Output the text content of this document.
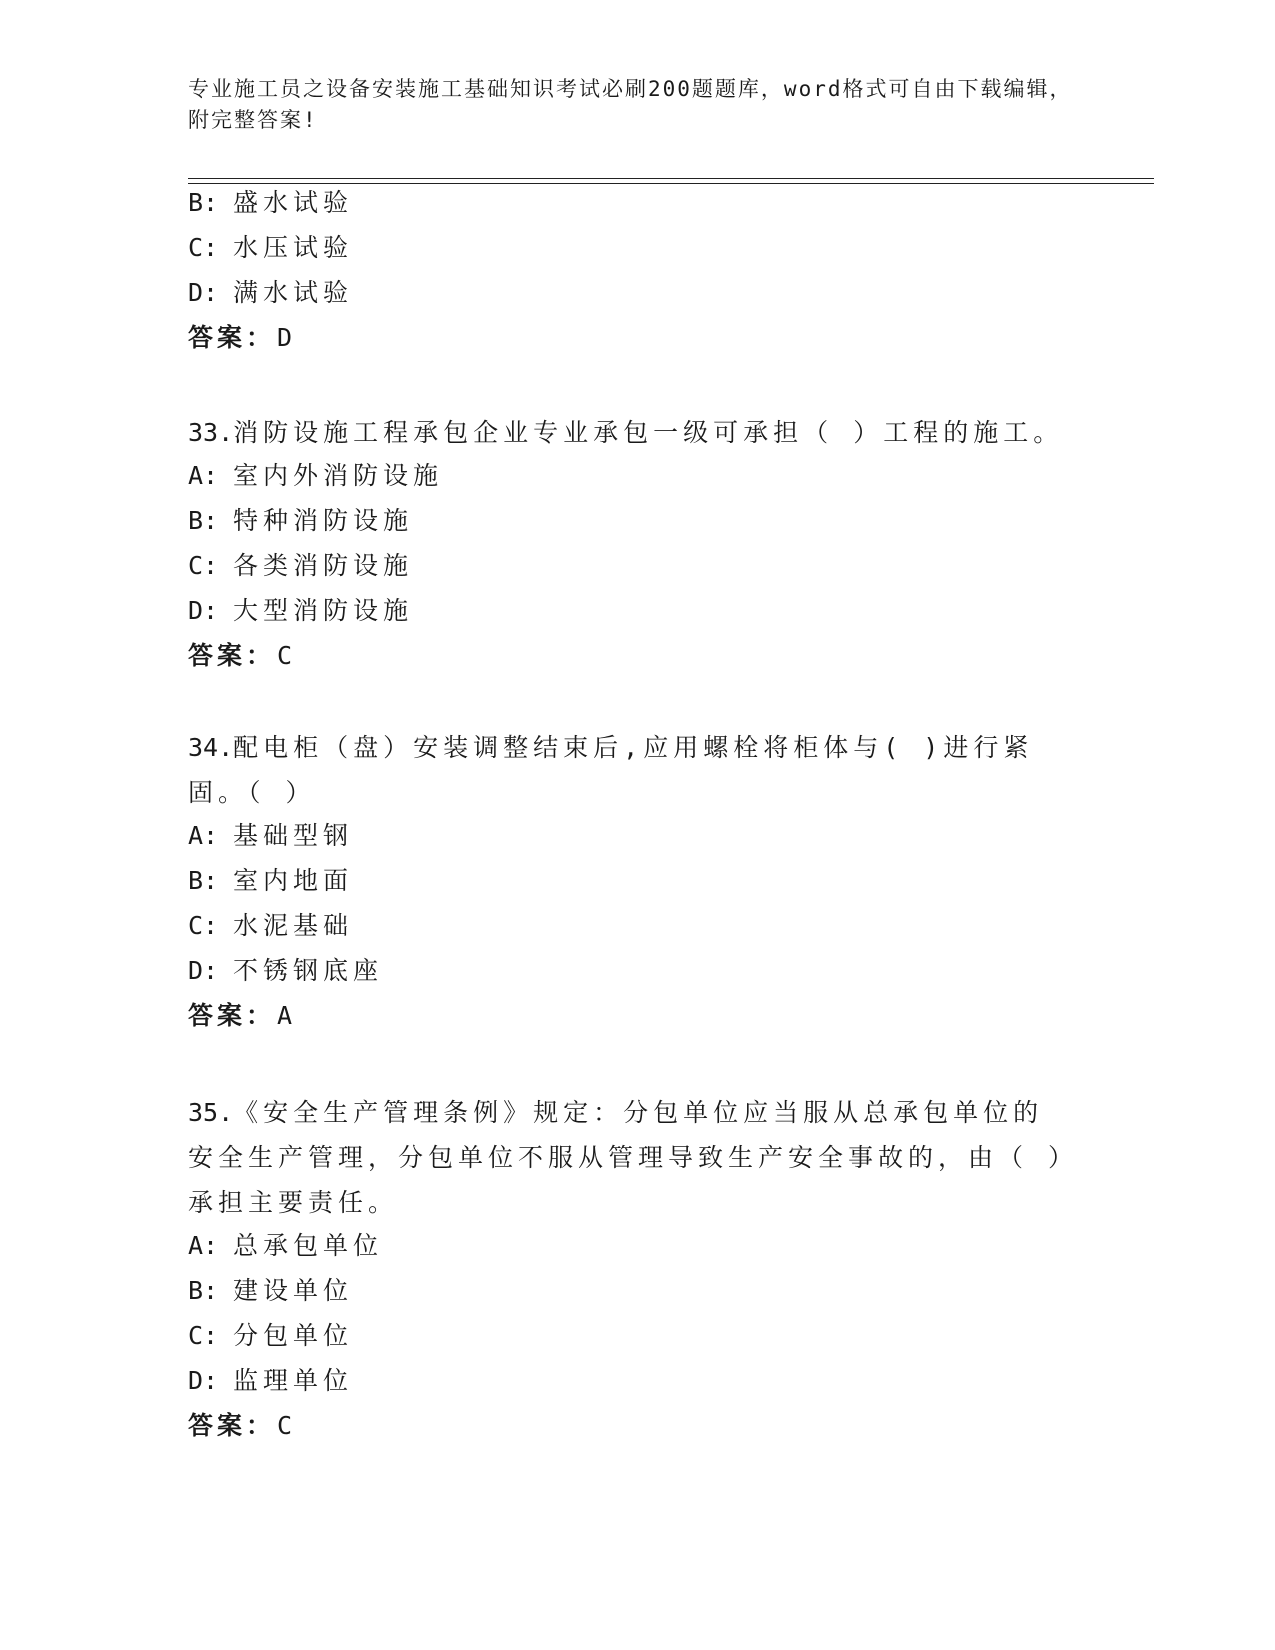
专业施工员之设备安装施工基础知识考试必刷200题题库，word格式可自由下载编辑，附完整答案!
B: 盛水试验
C: 水压试验
D: 满水试验
答案：D
33.消防设施工程承包企业专业承包一级可承担（ ）工程的施工。
A: 室内外消防设施
B: 特种消防设施
C: 各类消防设施
D: 大型消防设施
答案：C
34.配电柜（盘）安装调整结束后,应用螺栓将柜体与( )进行紧固。（ ）
A: 基础型钢
B: 室内地面
C: 水泥基础
D: 不锈钢底座
答案：A
35.《安全生产管理条例》规定：分包单位应当服从总承包单位的安全生产管理，分包单位不服从管理导致生产安全事故的，由（ ）承担主要责任。
A: 总承包单位
B: 建设单位
C: 分包单位
D: 监理单位
答案：C
